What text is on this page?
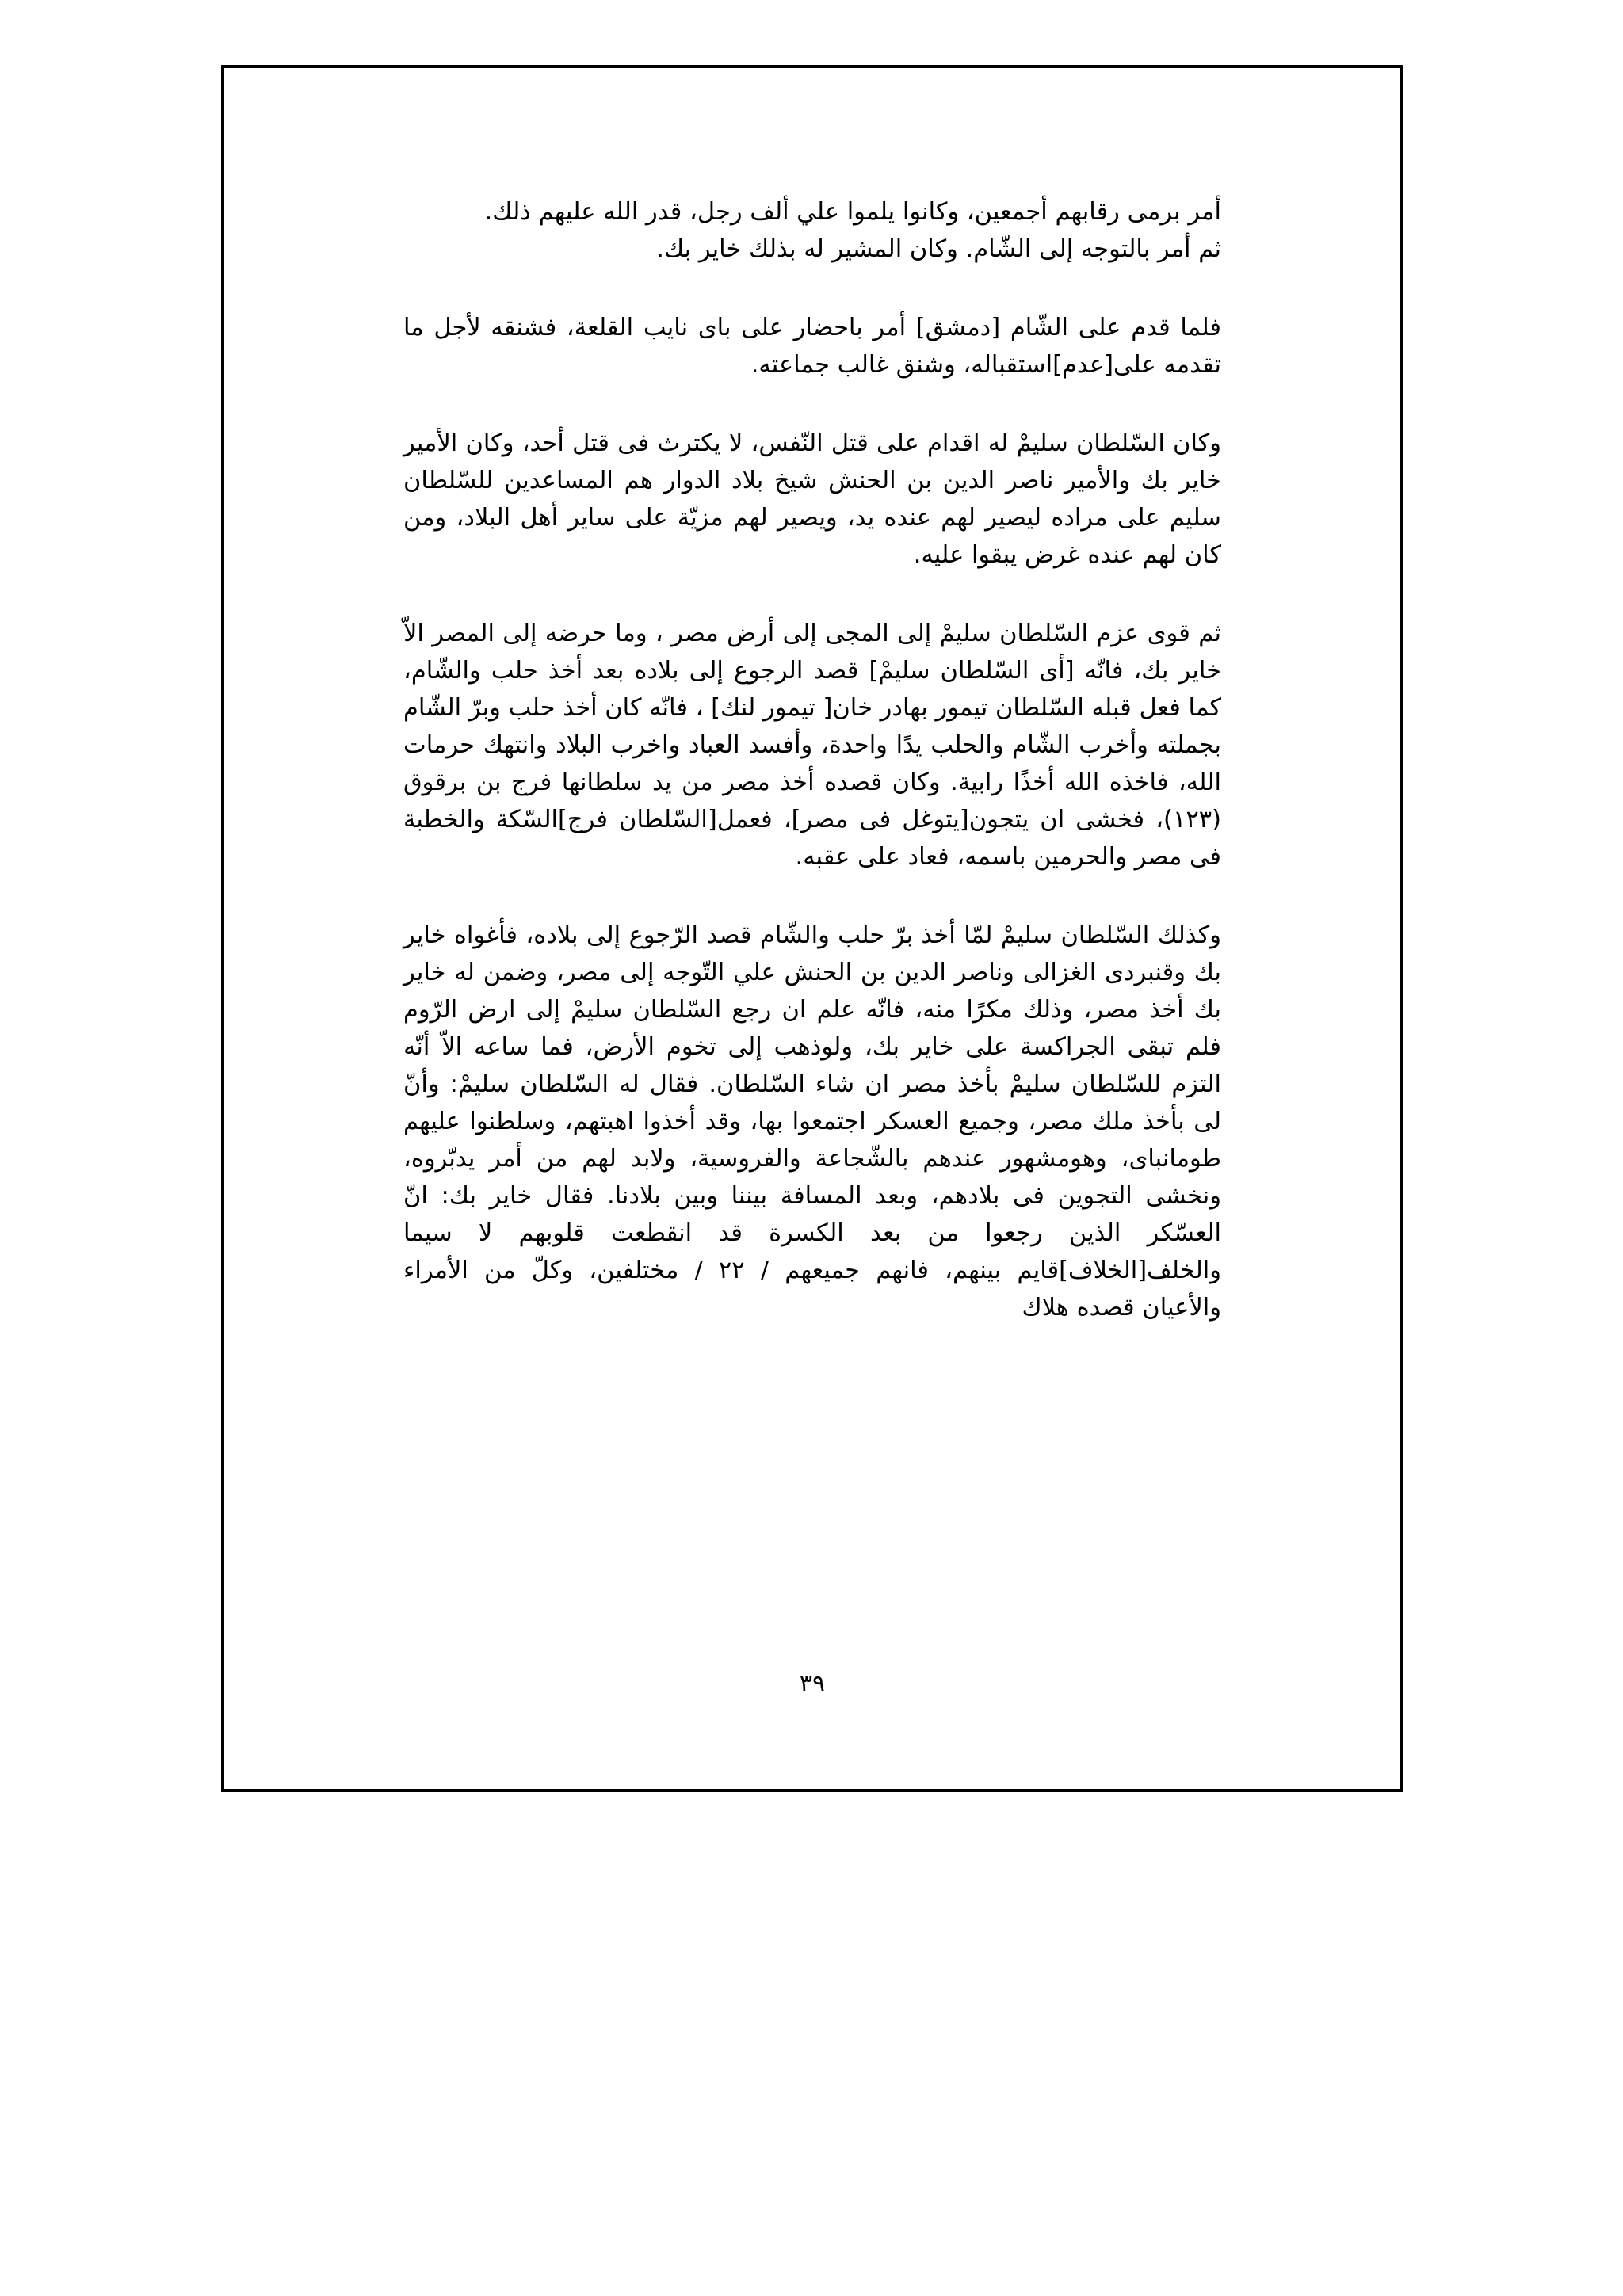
أمر برمى رقابهم أجمعين، وكانوا يلموا علي ألف رجل، قدر الله عليهم ذلك.
ثم أمر بالتوجه إلى الشّام. وكان المشير له بذلك خاير بك.

فلما قدم على الشّام [دمشق] أمر باحضار على باى نايب القلعة، فشنقه لأجل ما تقدمه على[عدم]استقباله، وشنق غالب جماعته.

وكان السّلطان سليمْ له اقدام على قتل النّفس، لا يكترث فى قتل أحد، وكان الأمير خاير بك والأمير ناصر الدين بن الحنش شيخ بلاد الدوار هم المساعدين للسّلطان سليم على مراده ليصير لهم عنده يد، ويصير لهم مزيّة على ساير أهل البلاد، ومن كان لهم عنده غرض يبقوا عليه.

ثم قوى عزم السّلطان سليمْ إلى المجى إلى أرض مصر ، وما حرضه إلى المصر الاّ خاير بك، فانّه [أى السّلطان سليمْ] قصد الرجوع إلى بلاده بعد أخذ حلب والشّام، كما فعل قبله السّلطان تيمور بهادر خان[ تيمور لنك] ، فانّه كان أخذ حلب وبرّ الشّام بجملته وأخرب الشّام والحلب يدًا واحدة، وأفسد العباد واخرب البلاد وانتهك حرمات الله، فاخذه الله أخذًا رابية. وكان قصده أخذ مصر من يد سلطانها فرج بن برقوق (١٢٣)، فخشى ان يتجون[يتوغل فى مصر]، فعمل[السّلطان فرج]السّكة والخطبة فى مصر والحرمين باسمه، فعاد على عقبه.

وكذلك السّلطان سليمْ لمّا أخذ برّ حلب والشّام قصد الرّجوع إلى بلاده، فأغواه خاير بك وقنبردى الغزالى وناصر الدين بن الحنش علي التّوجه إلى مصر، وضمن له خاير بك أخذ مصر، وذلك مكرًا منه، فانّه علم ان رجع السّلطان سليمْ إلى ارض الرّوم فلم تبقى الجراكسة على خاير بك، ولوذهب إلى تخوم الأرض، فما ساعه الاّ أنّه التزم للسّلطان سليمْ بأخذ مصر ان شاء السّلطان. فقال له السّلطان سليمْ: وأنّ لى بأخذ ملك مصر، وجميع العسكر اجتمعوا بها، وقد أخذوا اهبتهم، وسلطنوا عليهم طومانباى، وهومشهور عندهم بالشّجاعة والفروسية، ولابد لهم من أمر يدبّروه، ونخشى التجوين فى بلادهم، وبعد المسافة بيننا وبين بلادنا. فقال خاير بك: انّ العسّكر الذين رجعوا من بعد الكسرة قد انقطعت قلوبهم لا سيما والخلف[الخلاف]قايم بينهم، فانهم جميعهم / ٢٢ / مختلفين، وكلّ من الأمراء والأعيان قصده هلاك

٣٩
